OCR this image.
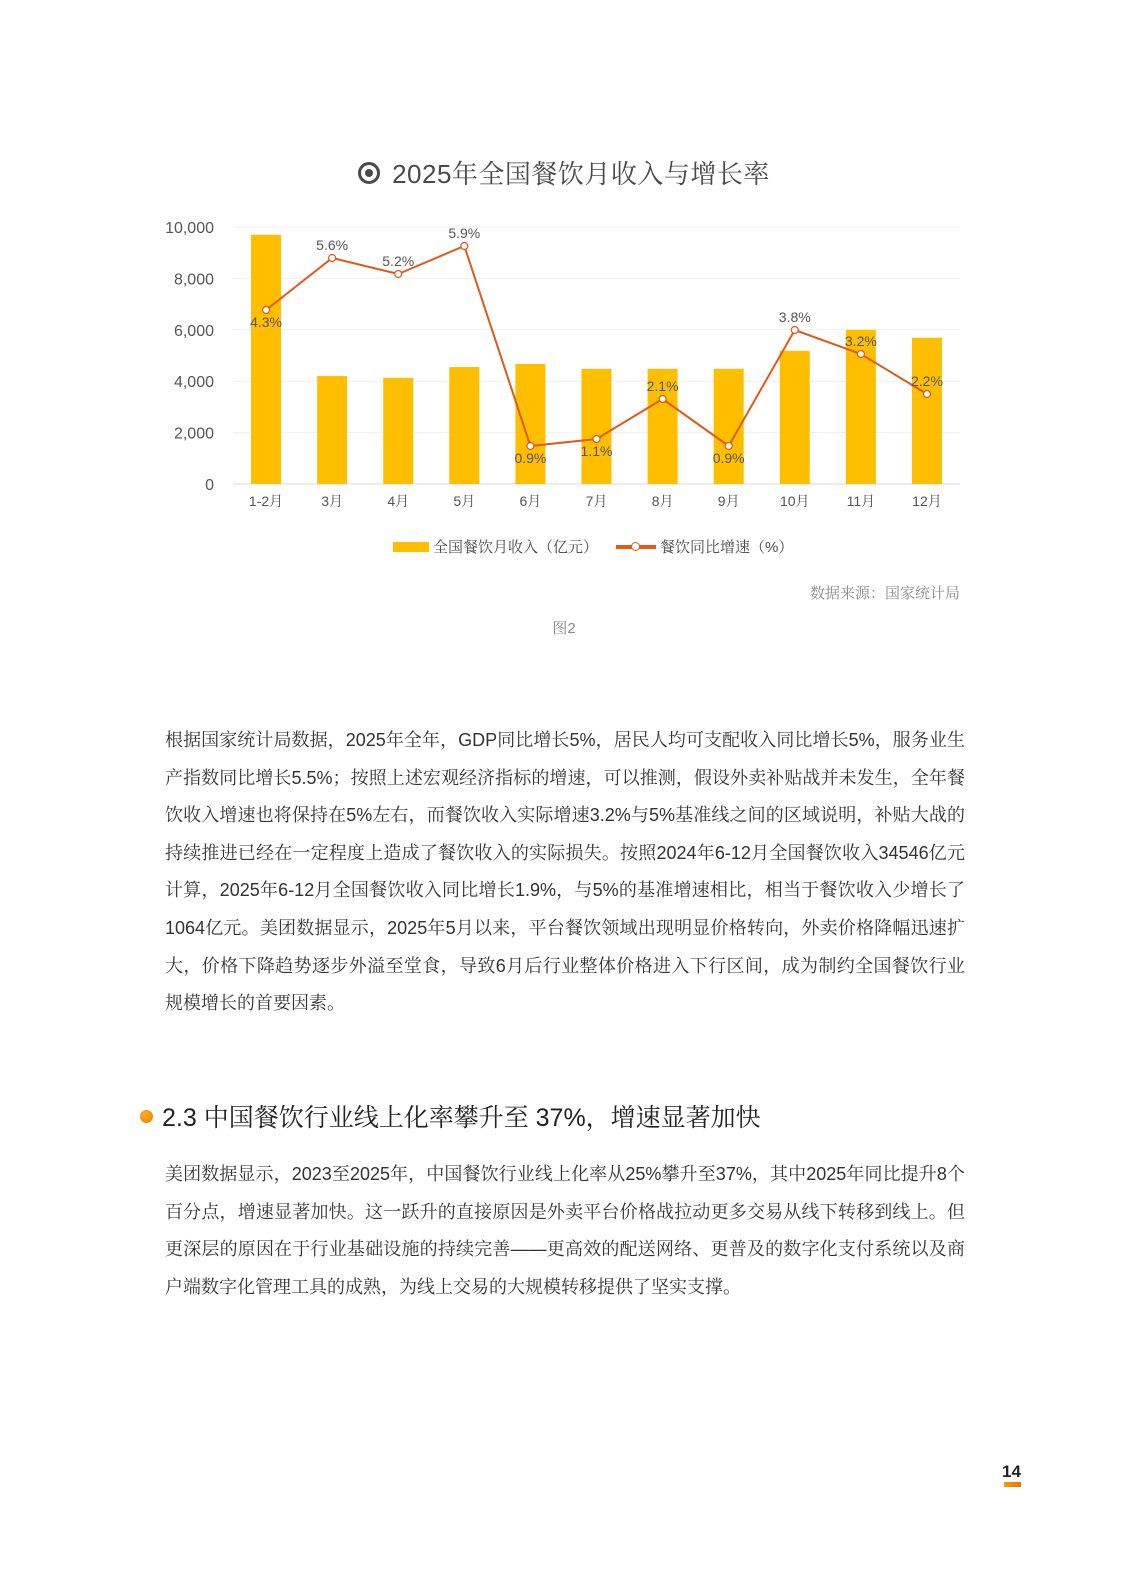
2025年全国餐饮月收入与增长率
0
2,000
4,000
6,000
8,000
10,000
1-2月	3月	4月	5月	6月	7月	8月	9月	10月	11月	12月
4.3%
5.6%
5.2%
5.9%
0.9% 1.1%
2.1%
0.9%
3.8%
3.2%
2.2%
全国餐饮月收入（亿元）	餐饮同比增速（%）
数据来源：国家统计局
图2
根据国家统计局数据，2025年全年，GDP同比增长5%，居民人均可支配收入同比增长5%，服务业生产指数同比增长5.5%；按照上述宏观经济指标的增速，可以推测，假设外卖补贴战并未发生，全年餐饮收入增速也将保持在5%左右，而餐饮收入实际增速3.2%与5%基准线之间的区域说明，补贴大战的持续推进已经在一定程度上造成了餐饮收入的实际损失。按照2024年6-12月全国餐饮收入34546亿元计算，2025年6-12月全国餐饮收入同比增长1.9%，与5%的基准增速相比，相当于餐饮收入少增长了1064亿元。美团数据显示，2025年5月以来，平台餐饮领域出现明显价格转向，外卖价格降幅迅速扩大，价格下降趋势逐步外溢至堂食，导致6月后行业整体价格进入下行区间，成为制约全国餐饮行业规模增长的首要因素。
2.3 中国餐饮行业线上化率攀升至 37%，增速显著加快
美团数据显示，2023至2025年，中国餐饮行业线上化率从25%攀升至37%，其中2025年同比提升8个百分点，增速显著加快。这一跃升的直接原因是外卖平台价格战拉动更多交易从线下转移到线上。但更深层的原因在于行业基础设施的持续完善——更高效的配送网络、更普及的数字化支付系统以及商户端数字化管理工具的成熟，为线上交易的大规模转移提供了坚实支撑。
14
